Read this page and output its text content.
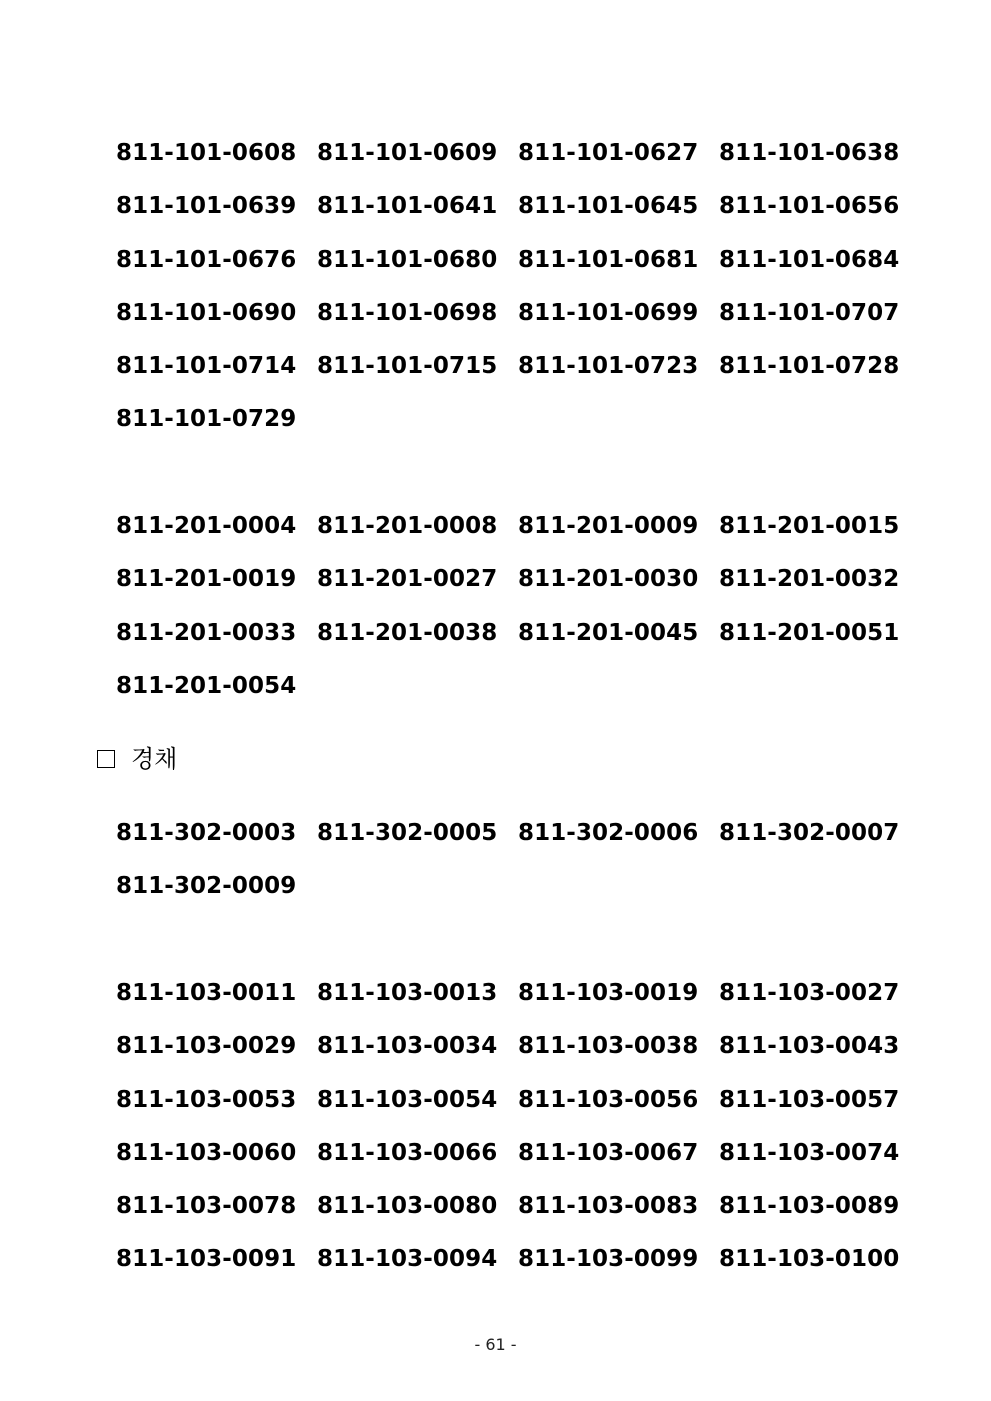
811-101-0608 811-101-0609 811-101-0627 811-101-0638
811-101-0639 811-101-0641 811-101-0645 811-101-0656
811-101-0676 811-101-0680 811-101-0681 811-101-0684
811-101-0690 811-101-0698 811-101-0699 811-101-0707
811-101-0714 811-101-0715 811-101-0723 811-101-0728
811-101-0729
811-201-0004 811-201-0008 811-201-0009 811-201-0015
811-201-0019 811-201-0027 811-201-0030 811-201-0032
811-201-0033 811-201-0038 811-201-0045 811-201-0051
811-201-0054
경채
811-302-0003 811-302-0005 811-302-0006 811-302-0007
811-302-0009
811-103-0011 811-103-0013 811-103-0019 811-103-0027
811-103-0029 811-103-0034 811-103-0038 811-103-0043
811-103-0053 811-103-0054 811-103-0056 811-103-0057
811-103-0060 811-103-0066 811-103-0067 811-103-0074
811-103-0078 811-103-0080 811-103-0083 811-103-0089
811-103-0091 811-103-0094 811-103-0099 811-103-0100
- 61 -
